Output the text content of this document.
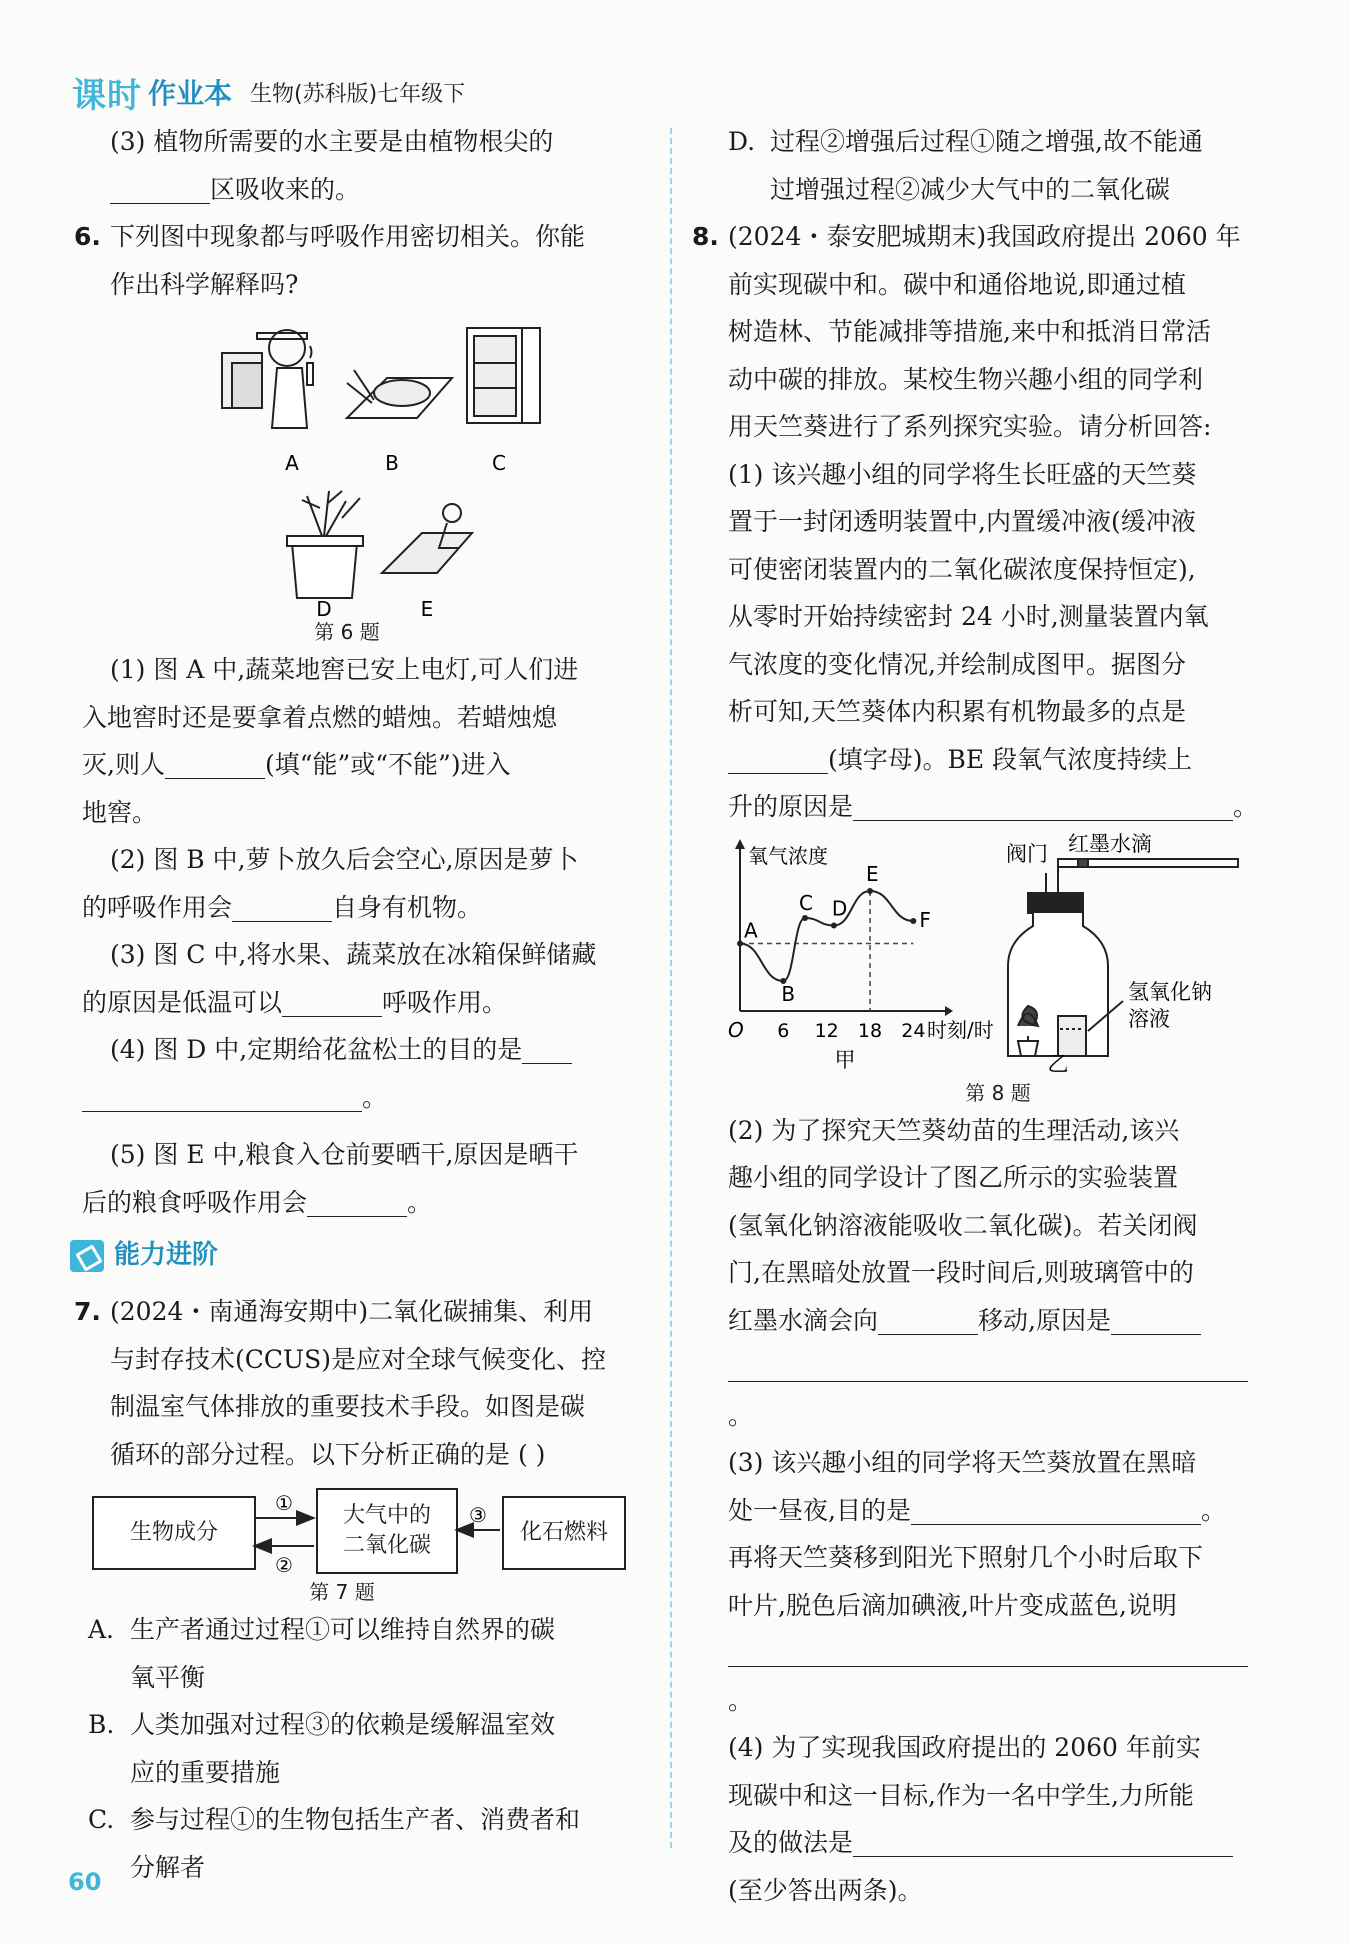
课时 作业本 生物(苏科版)七年级下

(3) 植物所需要的水主要是由植物根尖的

区吸收来的。

6. 下列图中现象都与呼吸作用密切相关。你能

作出科学解释吗?

A	B	C
D	E

第 6 题

(1) 图 A 中,蔬菜地窖已安上电灯,可人们进

入地窖时还是要拿着点燃的蜡烛。若蜡烛熄

灭,则人	(填“能”或“不能”)进入

地窖。

(2) 图 B 中,萝卜放久后会空心,原因是萝卜

的呼吸作用会	自身有机物。

(3) 图 C 中,将水果、蔬菜放在冰箱保鲜储藏

的原因是低温可以	呼吸作用。

(4) 图 D 中,定期给花盆松土的目的是

。

(5) 图 E 中,粮食入仓前要晒干,原因是晒干

后的粮食呼吸作用会	。

能力进阶
7. (2024・南通海安期中)二氧化碳捕集、利用

与封存技术(CCUS)是应对全球气候变化、控

制温室气体排放的重要技术手段。如图是碳

循环的部分过程。以下分析正确的是 ( )

生物成分
大气中的
二氧化碳
化石燃料
①
②
③

第 7 题

A. 生产者通过过程①可以维持自然界的碳

氧平衡

B. 人类加强对过程③的依赖是缓解温室效

应的重要措施

C. 参与过程①的生物包括生产者、消费者和

分解者

D. 过程②增强后过程①随之增强,故不能通

过增强过程②减少大气中的二氧化碳

8. (2024・泰安肥城期末)我国政府提出 2060 年

前实现碳中和。碳中和通俗地说,即通过植

树造林、节能减排等措施,来中和抵消日常活

动中碳的排放。某校生物兴趣小组的同学利

用天竺葵进行了系列探究实验。请分析回答:

(1) 该兴趣小组的同学将生长旺盛的天竺葵

置于一封闭透明装置中,内置缓冲液(缓冲液

可使密闭装置内的二氧化碳浓度保持恒定),

从零时开始持续密封 24 小时,测量装置内氧

气浓度的变化情况,并绘制成图甲。据图分

析可知,天竺葵体内积累有机物最多的点是

(填字母)。BE 段氧气浓度持续上

升的原因是	。

氧气浓度
时刻/时
O 6 12 18 24
A
B
C D
E
F
甲
阀门 红墨水滴
氢氧化钠
溶液
乙

第 8 题

(2) 为了探究天竺葵幼苗的生理活动,该兴

趣小组的同学设计了图乙所示的实验装置

(氢氧化钠溶液能吸收二氧化碳)。若关闭阀

门,在黑暗处放置一段时间后,则玻璃管中的

红墨水滴会向	移动,原因是

。

(3) 该兴趣小组的同学将天竺葵放置在黑暗

处一昼夜,目的是	。

再将天竺葵移到阳光下照射几个小时后取下

叶片,脱色后滴加碘液,叶片变成蓝色,说明

。

(4) 为了实现我国政府提出的 2060 年前实

现碳中和这一目标,作为一名中学生,力所能

及的做法是

(至少答出两条)。

60
